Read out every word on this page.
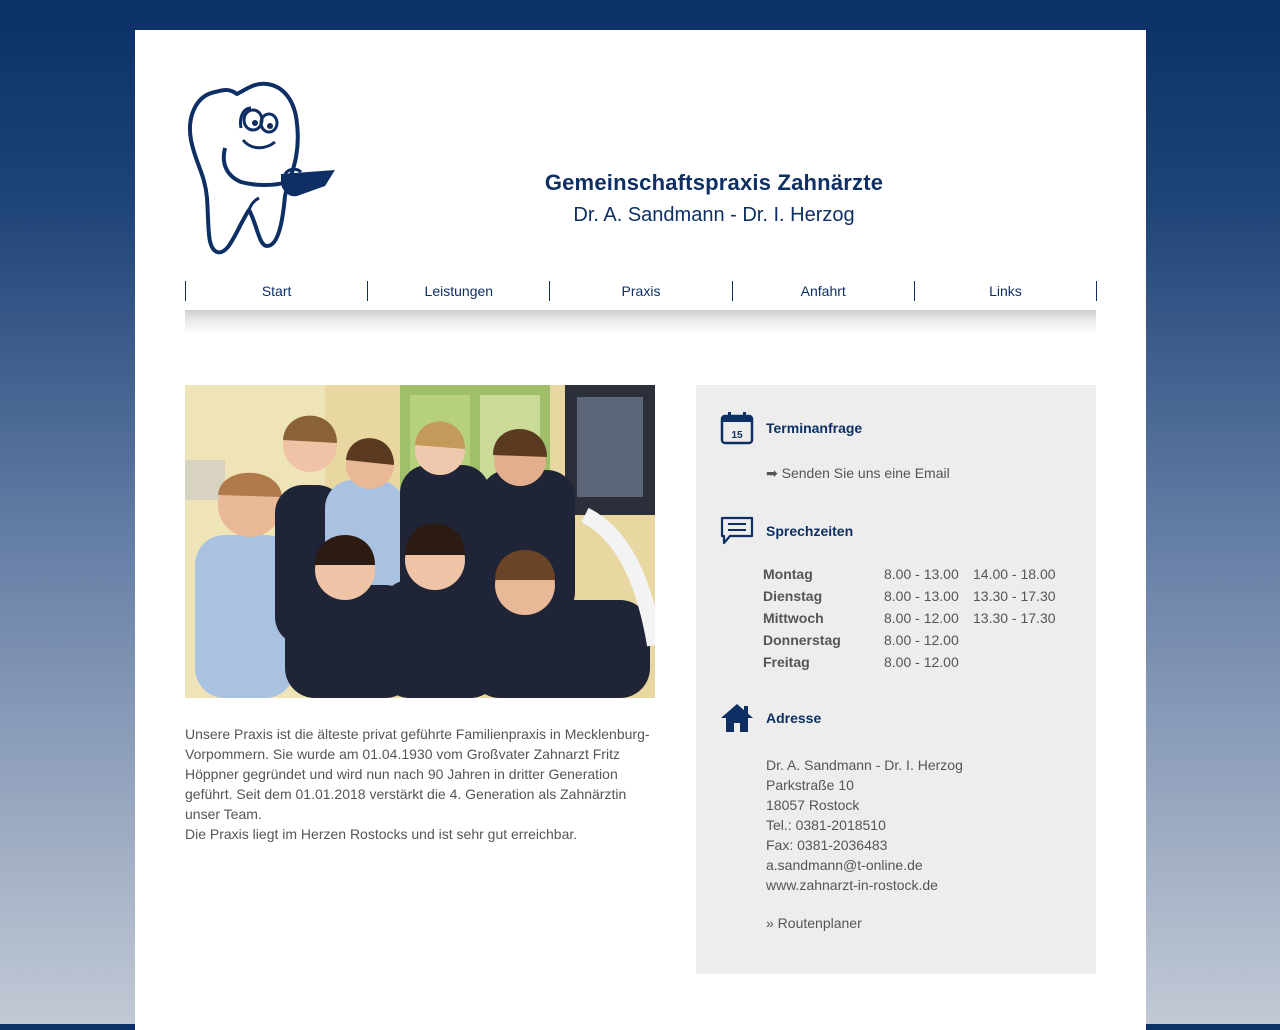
Gemeinschaftspraxis Zahnärzte
Dr. A. Sandmann - Dr. I. Herzog
Start	Leistungen	Praxis	Anfahrt	Links
Unsere Praxis ist die älteste privat geführte Familienpraxis in Mecklenburg-Vorpommern. Sie wurde am 01.04.1930 vom Großvater Zahnarzt Fritz Höppner gegründet und wird nun nach 90 Jahren in dritter Generation geführt. Seit dem 01.01.2018 verstärkt die 4. Generation als Zahnärztin unser Team.
Die Praxis liegt im Herzen Rostocks und ist sehr gut erreichbar.
15 Terminanfrage
➡ Senden Sie uns eine Email
Sprechzeiten
Montag	8.00 - 13.00	14.00 - 18.00
Dienstag	8.00 - 13.00	13.30 - 17.30
Mittwoch	8.00 - 12.00	13.30 - 17.30
Donnerstag	8.00 - 12.00	
Freitag	8.00 - 12.00	
Adresse
Dr. A. Sandmann - Dr. I. Herzog
Parkstraße 10
18057 Rostock
Tel.: 0381-2018510
Fax: 0381-2036483
a.sandmann@t-online.de
www.zahnarzt-in-rostock.de
» Routenplaner
